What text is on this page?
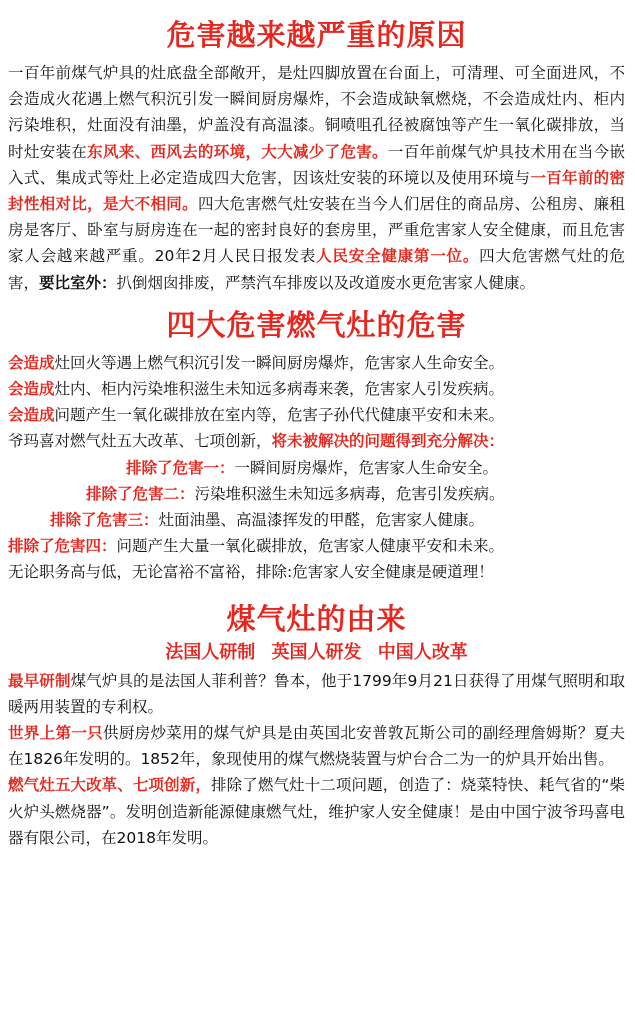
危害越来越严重的原因

一百年前煤气炉具的灶底盘全部敞开，是灶四脚放置在台面上，可清理、可全面进风，不会造成火花遇上燃气积沉引发一瞬间厨房爆炸，不会造成缺氧燃烧，不会造成灶内、柜内污染堆积，灶面没有油墨，炉盖没有高温漆。铜喷咀孔径被腐蚀等产生一氧化碳排放，当时灶安装在东风来、西风去的环境，大大减少了危害。一百年前煤气炉具技术用在当今嵌入式、集成式等灶上必定造成四大危害，因该灶安装的环境以及使用环境与一百年前的密封性相对比，是大不相同。四大危害燃气灶安装在当今人们居住的商品房、公租房、廉租房是客厅、卧室与厨房连在一起的密封良好的套房里，严重危害家人安全健康，而且危害家人会越来越严重。20年2月人民日报发表人民安全健康第一位。四大危害燃气灶的危害，要比室外：扒倒烟囱排废，严禁汽车排废以及改道废水更危害家人健康。

四大危害燃气灶的危害

会造成灶回火等遇上燃气积沉引发一瞬间厨房爆炸，危害家人生命安全。

会造成灶内、柜内污染堆积滋生未知远多病毒来袭，危害家人引发疾病。

会造成问题产生一氧化碳排放在室内等，危害子孙代代健康平安和未来。

爷玛喜对燃气灶五大改革、七项创新，将未被解决的问题得到充分解决：

排除了危害一：一瞬间厨房爆炸，危害家人生命安全。

排除了危害二：污染堆积滋生未知远多病毒，危害引发疾病。

排除了危害三：灶面油墨、高温漆挥发的甲醛，危害家人健康。

排除了危害四：问题产生大量一氧化碳排放，危害家人健康平安和未来。

无论职务高与低，无论富裕不富裕，排除:危害家人安全健康是硬道理！

煤气灶的由来
法国人研制 英国人研发 中国人改革

最早研制煤气炉具的是法国人菲利普？鲁本，他于1799年9月21日获得了用煤气照明和取暖两用装置的专利权。

世界上第一只供厨房炒菜用的煤气炉具是由英国北安普敦瓦斯公司的副经理詹姆斯？夏夫在1826年发明的。1852年，象现使用的煤气燃烧装置与炉台合二为一的炉具开始出售。

燃气灶五大改革、七项创新，排除了燃气灶十二项问题，创造了：烧菜特快、耗气省的“柴火炉头燃烧器”。发明创造新能源健康燃气灶，维护家人安全健康！是由中国宁波爷玛喜电器有限公司，在2018年发明。
